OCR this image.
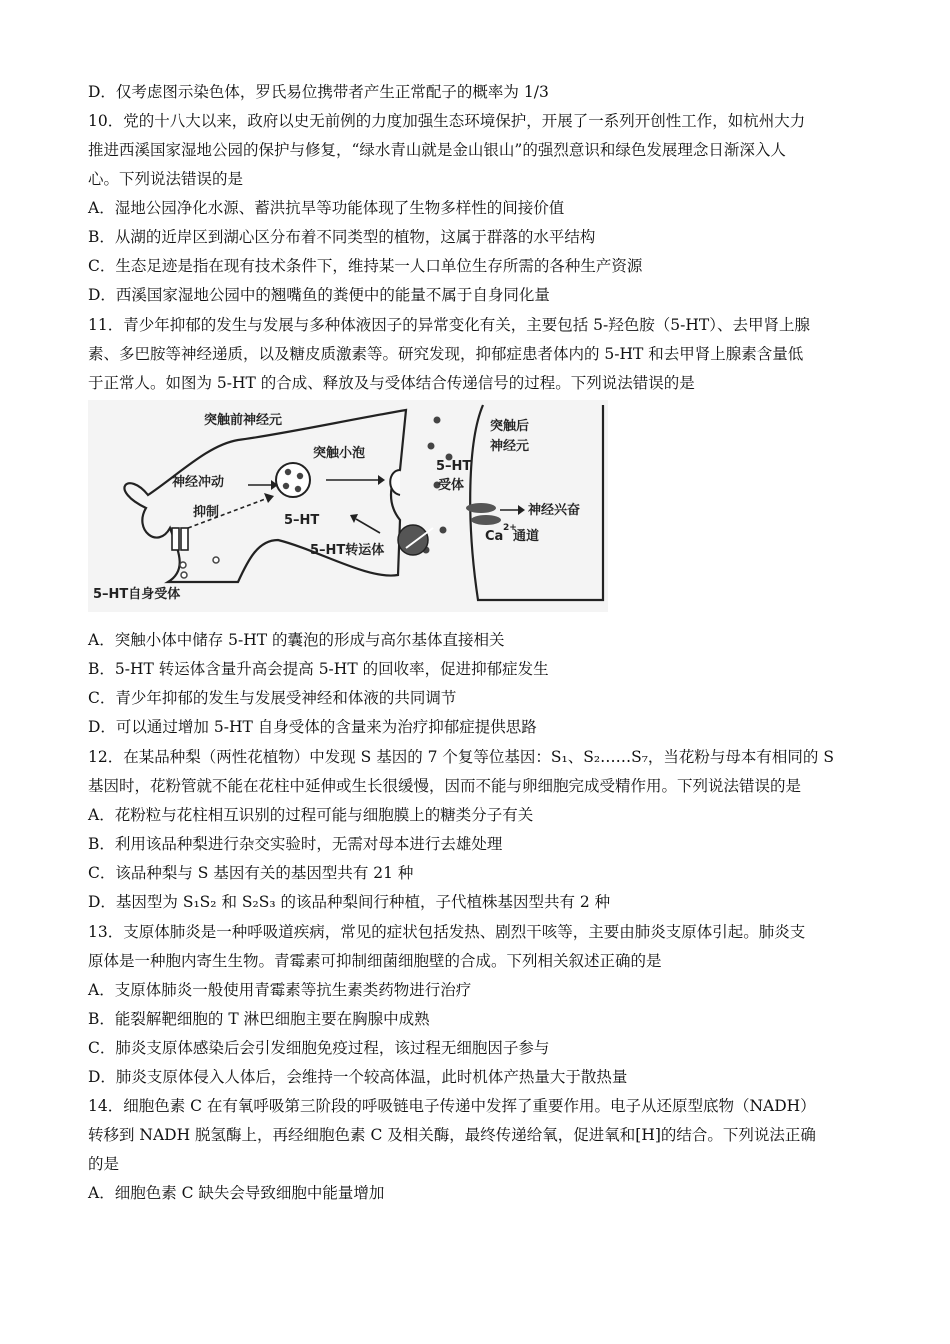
D．仅考虑图示染色体，罗氏易位携带者产生正常配子的概率为 1/3
10．党的十八大以来，政府以史无前例的力度加强生态环境保护，开展了一系列开创性工作，如杭州大力
推进西溪国家湿地公园的保护与修复，“绿水青山就是金山银山”的强烈意识和绿色发展理念日渐深入人
心。下列说法错误的是
A．湿地公园净化水源、蓄洪抗旱等功能体现了生物多样性的间接价值
B．从湖的近岸区到湖心区分布着不同类型的植物，这属于群落的水平结构
C．生态足迹是指在现有技术条件下，维持某一人口单位生存所需的各种生产资源
D．西溪国家湿地公园中的翘嘴鱼的粪便中的能量不属于自身同化量
11．青少年抑郁的发生与发展与多种体液因子的异常变化有关，主要包括 5-羟色胺（5-HT）、去甲肾上腺
素、多巴胺等神经递质，以及糖皮质激素等。研究发现，抑郁症患者体内的 5-HT 和去甲肾上腺素含量低
于正常人。如图为 5-HT 的合成、释放及与受体结合传递信号的过程。下列说法错误的是
突触前神经元
突触小泡
神经冲动
抑制
5–HT
5–HT转运体
5–HT自身受体
突触后
神经元
5–HT
受体
神经兴奋
Ca
2+
通道
A．突触小体中储存 5-HT 的囊泡的形成与高尔基体直接相关
B．5-HT 转运体含量升高会提高 5-HT 的回收率，促进抑郁症发生
C．青少年抑郁的发生与发展受神经和体液的共同调节
D．可以通过增加 5-HT 自身受体的含量来为治疗抑郁症提供思路
12．在某品种梨（两性花植物）中发现 S 基因的 7 个复等位基因：S₁、S₂……S₇，当花粉与母本有相同的 S
基因时，花粉管就不能在花柱中延伸或生长很缓慢，因而不能与卵细胞完成受精作用。下列说法错误的是
A．花粉粒与花柱相互识别的过程可能与细胞膜上的糖类分子有关
B．利用该品种梨进行杂交实验时，无需对母本进行去雄处理
C．该品种梨与 S 基因有关的基因型共有 21 种
D．基因型为 S₁S₂ 和 S₂S₃ 的该品种梨间行种植，子代植株基因型共有 2 种
13．支原体肺炎是一种呼吸道疾病，常见的症状包括发热、剧烈干咳等，主要由肺炎支原体引起。肺炎支
原体是一种胞内寄生生物。青霉素可抑制细菌细胞壁的合成。下列相关叙述正确的是
A．支原体肺炎一般使用青霉素等抗生素类药物进行治疗
B．能裂解靶细胞的 T 淋巴细胞主要在胸腺中成熟
C．肺炎支原体感染后会引发细胞免疫过程，该过程无细胞因子参与
D．肺炎支原体侵入人体后，会维持一个较高体温，此时机体产热量大于散热量
14．细胞色素 C 在有氧呼吸第三阶段的呼吸链电子传递中发挥了重要作用。电子从还原型底物（NADH）
转移到 NADH 脱氢酶上，再经细胞色素 C 及相关酶，最终传递给氧，促进氧和[H]的结合。下列说法正确
的是
A．细胞色素 C 缺失会导致细胞中能量增加
